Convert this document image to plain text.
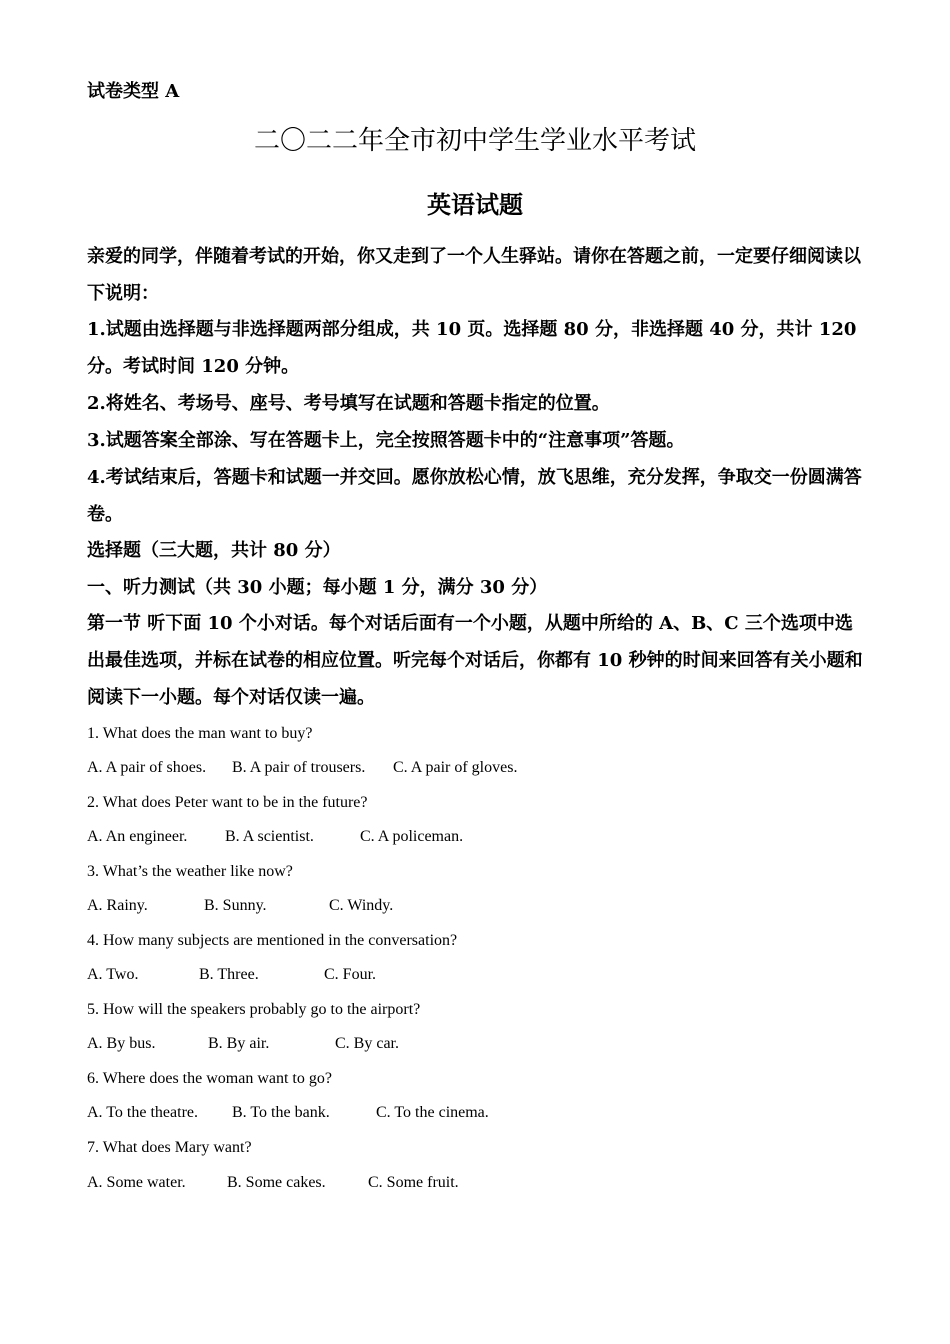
试卷类型 A
二〇二二年全市初中学生学业水平考试
英语试题
亲爱的同学，伴随着考试的开始，你又走到了一个人生驿站。请你在答题之前，一定要仔细阅读以下说明：
1.试题由选择题与非选择题两部分组成，共 10 页。选择题 80 分，非选择题 40 分，共计 120 分。考试时间 120 分钟。
2.将姓名、考场号、座号、考号填写在试题和答题卡指定的位置。
3.试题答案全部涂、写在答题卡上，完全按照答题卡中的“注意事项”答题。
4.考试结束后，答题卡和试题一并交回。愿你放松心情，放飞思维，充分发挥，争取交一份圆满答卷。
选择题（三大题，共计 80 分）
一、听力测试（共 30 小题；每小题 1 分，满分 30 分）
第一节 听下面 10 个小对话。每个对话后面有一个小题，从题中所给的 A、B、C 三个选项中选出最佳选项，并标在试卷的相应位置。听完每个对话后，你都有 10 秒钟的时间来回答有关小题和阅读下一小题。每个对话仅读一遍。
1. What does the man want to buy?
A. A pair of shoes. B. A pair of trousers. C. A pair of gloves.
2. What does Peter want to be in the future?
A. An engineer. B. A scientist.	C. A policeman.
3. What’s the weather like now?
A. Rainy.	B. Sunny.	C. Windy.
4. How many subjects are mentioned in the conversation?
A. Two.	B. Three.	C. Four.
5. How will the speakers probably go to the airport?
A. By bus.	B. By air.	C. By car.
6. Where does the woman want to go?
A. To the theatre. B. To the bank.	C. To the cinema.
7. What does Mary want?
A. Some water.	B. Some cakes.	C. Some fruit.
